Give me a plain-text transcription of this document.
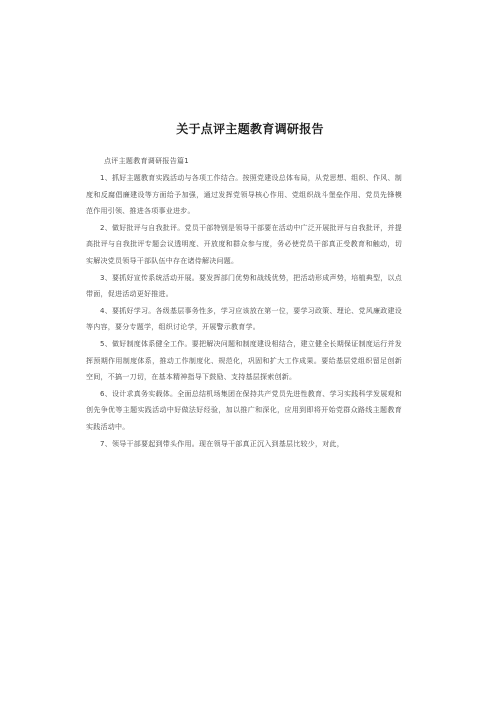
关于点评主题教育调研报告
点评主题教育调研报告篇1

1、抓好主题教育实践活动与各项工作结合。按照党建设总体布局，从党思想、组织、作风、制度和反腐倡廉建设等方面给予加强，通过发挥党领导核心作用、党组织战斗堡垒作用、党员先锋模范作用引领、推进各项事业进步。

2、做好批评与自我批评。党员干部特别是领导干部要在活动中广泛开展批评与自我批评，并提高批评与自我批评专题会议透明度、开放度和群众参与度，务必使党员干部真正受教育和触动，切实解决党员领导干部队伍中存在诸侍解决问题。

3、要抓好宣传系统活动开展。要发挥部门优势和战线优势，把活动形成声势，培植典型，以点带面，促进活动更好推进。

4、要抓好学习。各级基层事务性多，学习应该放在第一位，要学习政策、理论、党风廉政建设等内容，要分专题学，组织讨论学，开展警示教育学。

5、做好制度体系健全工作。要把解决问题和制度建设相结合，建立健全长期保证制度运行并发挥预期作用制度体系，推动工作制度化、规范化，巩固和扩大工作成果。要给基层党组织留足创新空间，不搞一刀切，在基本精神指导下鼓励、支持基层探索创新。

6、设计求真务实载体。全面总结机场集团在保持共产党员先进性教育、学习实践科学发展观和创先争优等主题实践活动中好做法好经验，加以推广和深化，应用到即将开始党群众路线主题教育实践活动中。

7、领导干部要起到带头作用。现在领导干部真正沉入到基层比较少，对此，
